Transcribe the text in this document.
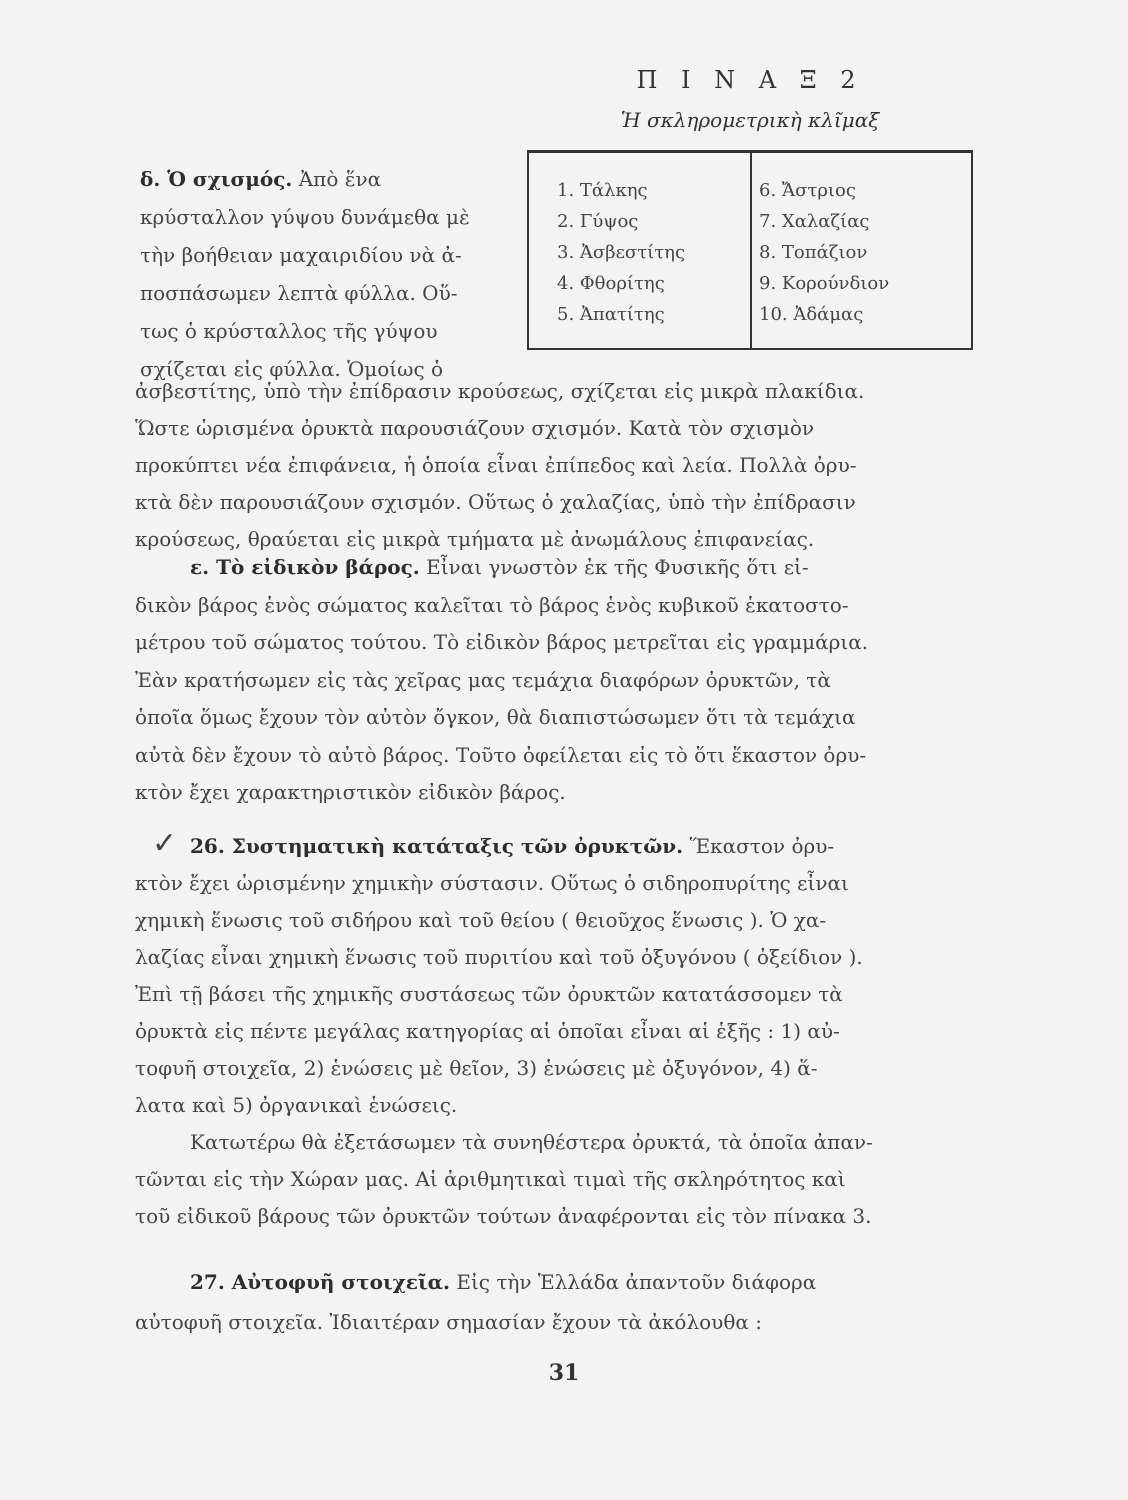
Π Ι Ν Α Ξ 2
Ἡ σκληρομετρικὴ κλῖμαξ
1. Τάλκης
2. Γύψος
3. Ἀσβεστίτης
4. Φθορίτης
5. Ἀπατίτης
6. Ἄστριος
7. Χαλαζίας
8. Τοπάζιον
9. Κορούνδιον
10. Ἀδάμας
δ. Ὁ σχισμός. Ἀπὸ ἕνα
κρύσταλλον γύψου δυνάμεθα μὲ
τὴν βοήθειαν μαχαιριδίου νὰ ἀ-
ποσπάσωμεν λεπτὰ φύλλα. Οὕ-
τως ὁ κρύσταλλος τῆς γύψου
σχίζεται εἰς φύλλα. Ὁμοίως ὁ
ἀσβεστίτης, ὑπὸ τὴν ἐπίδρασιν κρούσεως, σχίζεται εἰς μικρὰ πλακίδια.
Ὥστε ὡρισμένα ὀρυκτὰ παρουσιάζουν σχισμόν. Κατὰ τὸν σχισμὸν
προκύπτει νέα ἐπιφάνεια, ἡ ὁποία εἶναι ἐπίπεδος καὶ λεία. Πολλὰ ὀρυ-
κτὰ δὲν παρουσιάζουν σχισμόν. Οὕτως ὁ χαλαζίας, ὑπὸ τὴν ἐπίδρασιν
κρούσεως, θραύεται εἰς μικρὰ τμήματα μὲ ἀνωμάλους ἐπιφανείας.
ε. Τὸ εἰδικὸν βάρος. Εἶναι γνωστὸν ἐκ τῆς Φυσικῆς ὅτι εἰ-
δικὸν βάρος ἑνὸς σώματος καλεῖται τὸ βάρος ἑνὸς κυβικοῦ ἑκατοστο-
μέτρου τοῦ σώματος τούτου. Τὸ εἰδικὸν βάρος μετρεῖται εἰς γραμμάρια.
Ἐὰν κρατήσωμεν εἰς τὰς χεῖρας μας τεμάχια διαφόρων ὀρυκτῶν, τὰ
ὁποῖα ὅμως ἔχουν τὸν αὐτὸν ὄγκον, θὰ διαπιστώσωμεν ὅτι τὰ τεμάχια
αὐτὰ δὲν ἔχουν τὸ αὐτὸ βάρος. Τοῦτο ὀφείλεται εἰς τὸ ὅτι ἕκαστον ὀρυ-
κτὸν ἔχει χαρακτηριστικὸν εἰδικὸν βάρος.
✓ 26. Συστηματικὴ κατάταξις τῶν ὀρυκτῶν. Ἕκαστον ὀρυ-
κτὸν ἔχει ὡρισμένην χημικὴν σύστασιν. Οὕτως ὁ σιδηροπυρίτης εἶναι
χημικὴ ἕνωσις τοῦ σιδήρου καὶ τοῦ θείου ( θειοῦχος ἕνωσις ). Ὁ χα-
λαζίας εἶναι χημικὴ ἕνωσις τοῦ πυριτίου καὶ τοῦ ὀξυγόνου ( ὀξείδιον ).
Ἐπὶ τῇ βάσει τῆς χημικῆς συστάσεως τῶν ὀρυκτῶν κατατάσσομεν τὰ
ὀρυκτὰ εἰς πέντε μεγάλας κατηγορίας αἱ ὁποῖαι εἶναι αἱ ἑξῆς : 1) αὐ-
τοφυῆ στοιχεῖα, 2) ἑνώσεις μὲ θεῖον, 3) ἑνώσεις μὲ ὀξυγόνον, 4) ἅ-
λατα καὶ 5) ὀργανικαὶ ἑνώσεις.
Κατωτέρω θὰ ἐξετάσωμεν τὰ συνηθέστερα ὀρυκτά, τὰ ὁποῖα ἀπαν-
τῶνται εἰς τὴν Χώραν μας. Αἱ ἀριθμητικαὶ τιμαὶ τῆς σκληρότητος καὶ
τοῦ εἰδικοῦ βάρους τῶν ὀρυκτῶν τούτων ἀναφέρονται εἰς τὸν πίνακα 3.
27. Αὐτοφυῆ στοιχεῖα. Εἰς τὴν Ἑλλάδα ἀπαντοῦν διάφορα
αὐτοφυῆ στοιχεῖα. Ἰδιαιτέραν σημασίαν ἔχουν τὰ ἀκόλουθα :
31
